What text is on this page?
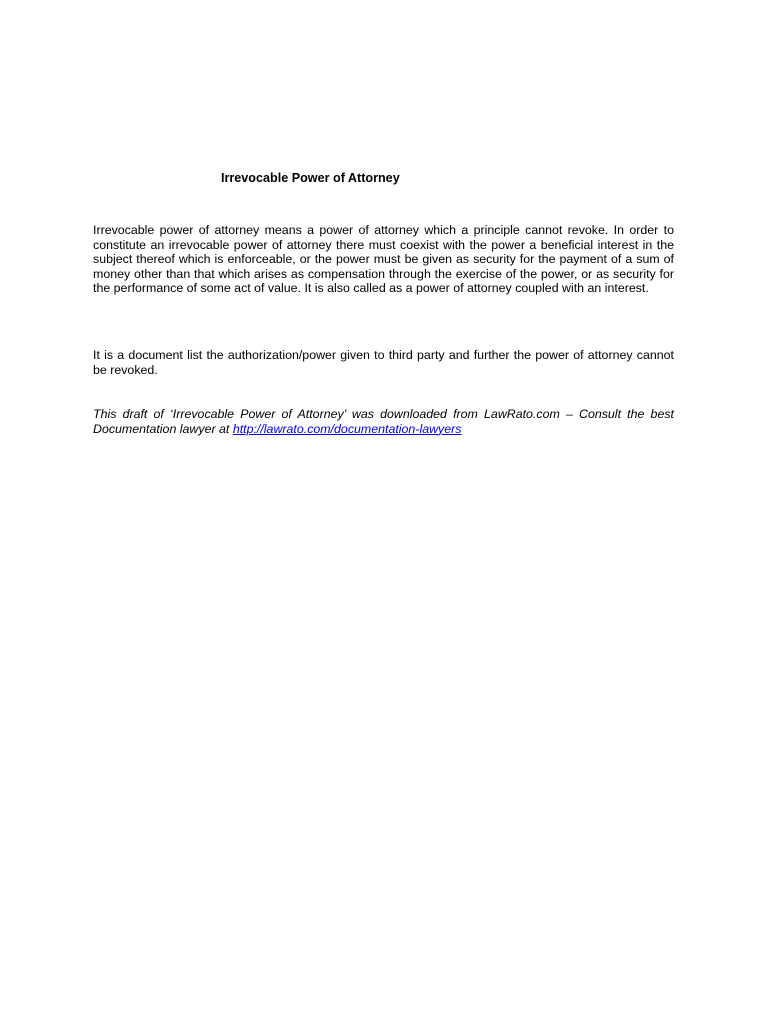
Irrevocable Power of Attorney

Irrevocable power of attorney means a power of attorney which a principle cannot revoke. In order to constitute an irrevocable power of attorney there must coexist with the power a beneficial interest in the subject thereof which is enforceable, or the power must be given as security for the payment of a sum of money other than that which arises as compensation through the exercise of the power, or as security for the performance of some act of value. It is also called as a power of attorney coupled with an interest.

It is a document list the authorization/power given to third party and further the power of attorney cannot be revoked.

This draft of ‘Irrevocable Power of Attorney’ was downloaded from LawRato.com – Consult the best Documentation lawyer at http://lawrato.com/documentation-lawyers
